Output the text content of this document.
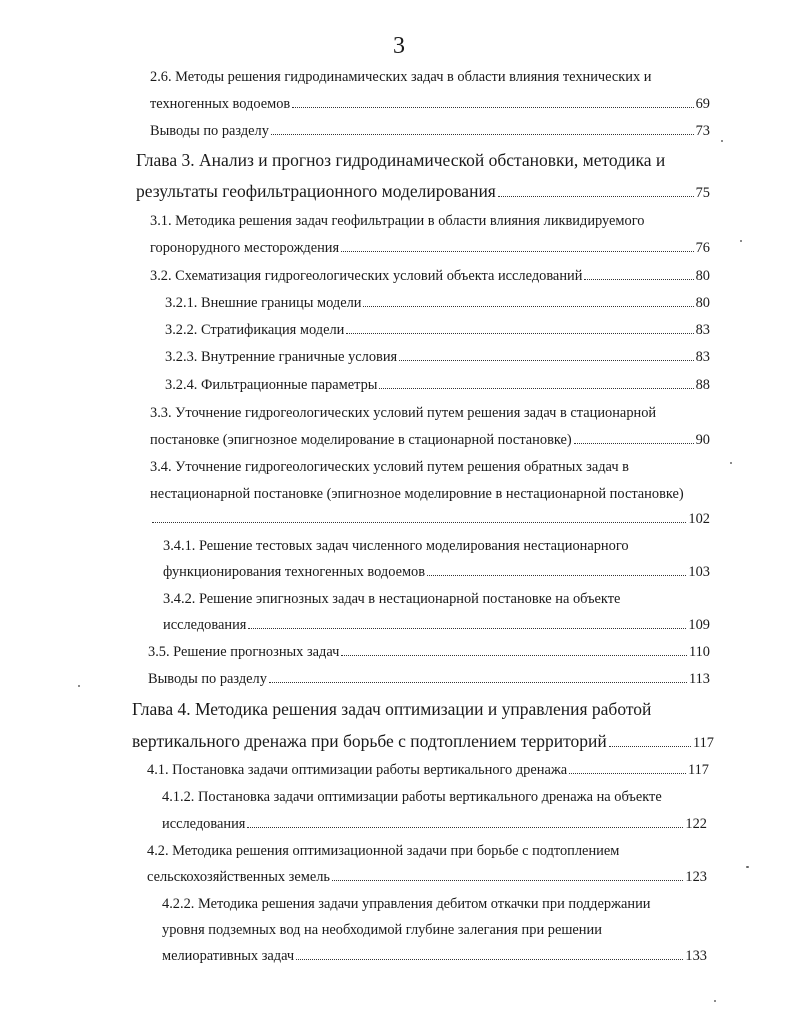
3
2.6. Методы решения гидродинамических задач в области влияния технических и
техногенных водоемов	69
Выводы по разделу	73
Глава 3. Анализ и прогноз гидродинамической обстановки, методика и
результаты геофильтрационного моделирования	75
3.1. Методика решения задач геофильтрации в области влияния ликвидируемого
горонорудного месторождения	76
3.2. Схематизация гидрогеологических условий объекта исследований	80
3.2.1. Внешние границы модели	80
3.2.2. Стратификация модели	83
3.2.3. Внутренние граничные условия	83
3.2.4. Фильтрационные параметры	88
3.3. Уточнение гидрогеологических условий путем решения задач в стационарной
постановке (эпигнозное моделирование в стационарной постановке)	90
3.4. Уточнение гидрогеологических условий путем решения обратных задач в
нестационарной постановке (эпигнозное моделировние в нестационарной постановке)
102
3.4.1. Решение тестовых задач численного моделирования нестационарного
функционирования техногенных водоемов	103
3.4.2. Решение эпигнозных задач в нестационарной постановке на объекте
исследования	109
3.5. Решение прогнозных задач	110
Выводы по разделу	113
Глава 4. Методика решения задач оптимизации и управления работой
вертикального дренажа при борьбе с подтоплением территорий	117
4.1. Постановка задачи оптимизации работы вертикального дренажа	117
4.1.2. Постановка задачи оптимизации работы вертикального дренажа на объекте
исследования	122
4.2. Методика решения оптимизационной задачи при борьбе с подтоплением
сельскохозяйственных земель	123
4.2.2. Методика решения задачи управления дебитом откачки при поддержании
уровня подземных вод на необходимой глубине залегания при решении
мелиоративных задач	133
